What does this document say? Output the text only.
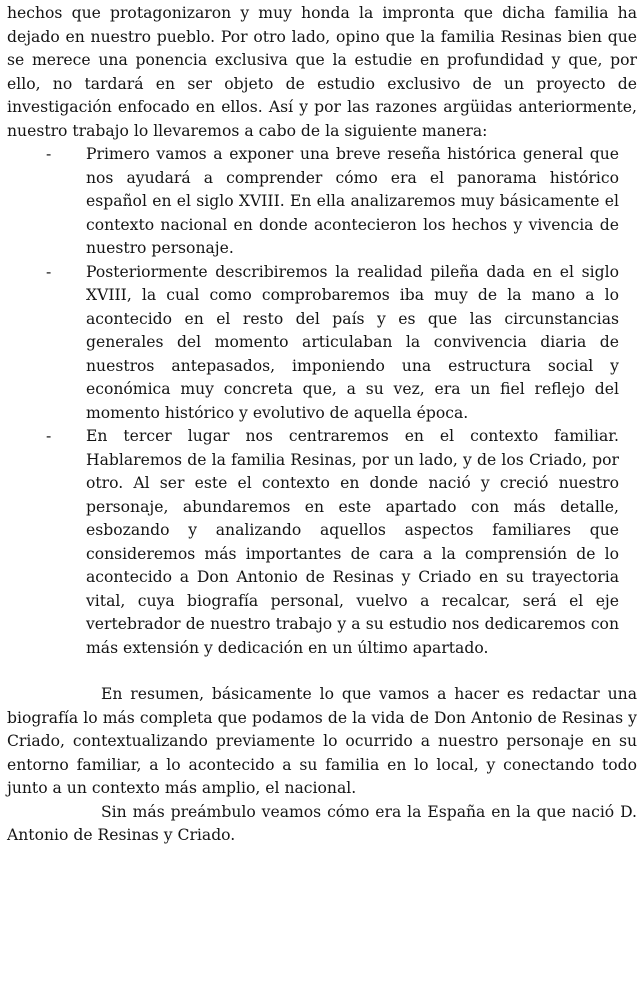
hechos que protagonizaron y muy honda la impronta que dicha familia ha dejado en nuestro pueblo. Por otro lado, opino que la familia Resinas bien que se merece una ponencia exclusiva que la estudie en profundidad y que, por ello, no tardará en ser objeto de estudio exclusivo de un proyecto de investigación enfocado en ellos. Así y por las razones argüidas anteriormente, nuestro trabajo lo llevaremos a cabo de la siguiente manera:

- Primero vamos a exponer una breve reseña histórica general que nos ayudará a comprender cómo era el panorama histórico español en el siglo XVIII. En ella analizaremos muy básicamente el contexto nacional en donde acontecieron los hechos y vivencia de nuestro personaje.
- Posteriormente describiremos la realidad pileña dada en el siglo XVIII, la cual como comprobaremos iba muy de la mano a lo acontecido en el resto del país y es que las circunstancias generales del momento articulaban la convivencia diaria de nuestros antepasados, imponiendo una estructura social y económica muy concreta que, a su vez, era un fiel reflejo del momento histórico y evolutivo de aquella época.
- En tercer lugar nos centraremos en el contexto familiar. Hablaremos de la familia Resinas, por un lado, y de los Criado, por otro. Al ser este el contexto en donde nació y creció nuestro personaje, abundaremos en este apartado con más detalle, esbozando y analizando aquellos aspectos familiares que consideremos más importantes de cara a la comprensión de lo acontecido a Don Antonio de Resinas y Criado en su trayectoria vital, cuya biografía personal, vuelvo a recalcar, será el eje vertebrador de nuestro trabajo y a su estudio nos dedicaremos con más extensión y dedicación en un último apartado.

En resumen, básicamente lo que vamos a hacer es redactar una biografía lo más completa que podamos de la vida de Don Antonio de Resinas y Criado, contextualizando previamente lo ocurrido a nuestro personaje en su entorno familiar, a lo acontecido a su familia en lo local, y conectando todo junto a un contexto más amplio, el nacional.

Sin más preámbulo veamos cómo era la España en la que nació D. Antonio de Resinas y Criado.
